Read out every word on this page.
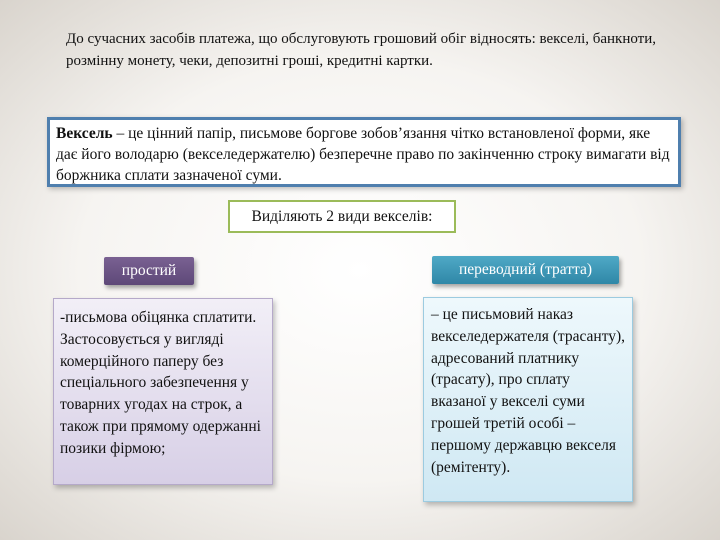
До сучасних засобів платежа, що обслуговують грошовий обіг відносять: векселі, банкноти, розмінну монету, чеки, депозитні гроші, кредитні картки.
Вексель – це цінний папір, письмове боргове зобов’язання чітко встановленої форми, яке дає його володарю (векселедержателю) безперечне право по закінченню строку вимагати від боржника сплати зазначеної суми.
Виділяють 2 види векселів:
простий	переводний (тратта)
-письмова обіцянка сплатити. Застосовується у вигляді комерційного паперу без спеціального забезпечення у товарних угодах на строк, а також при прямому одержанні позики фірмою;
– це письмовий наказ векселедержателя (трасанту), адресований платнику (трасату), про сплату вказаної у векселі суми грошей третій особі – першому державцю векселя (ремітенту).
